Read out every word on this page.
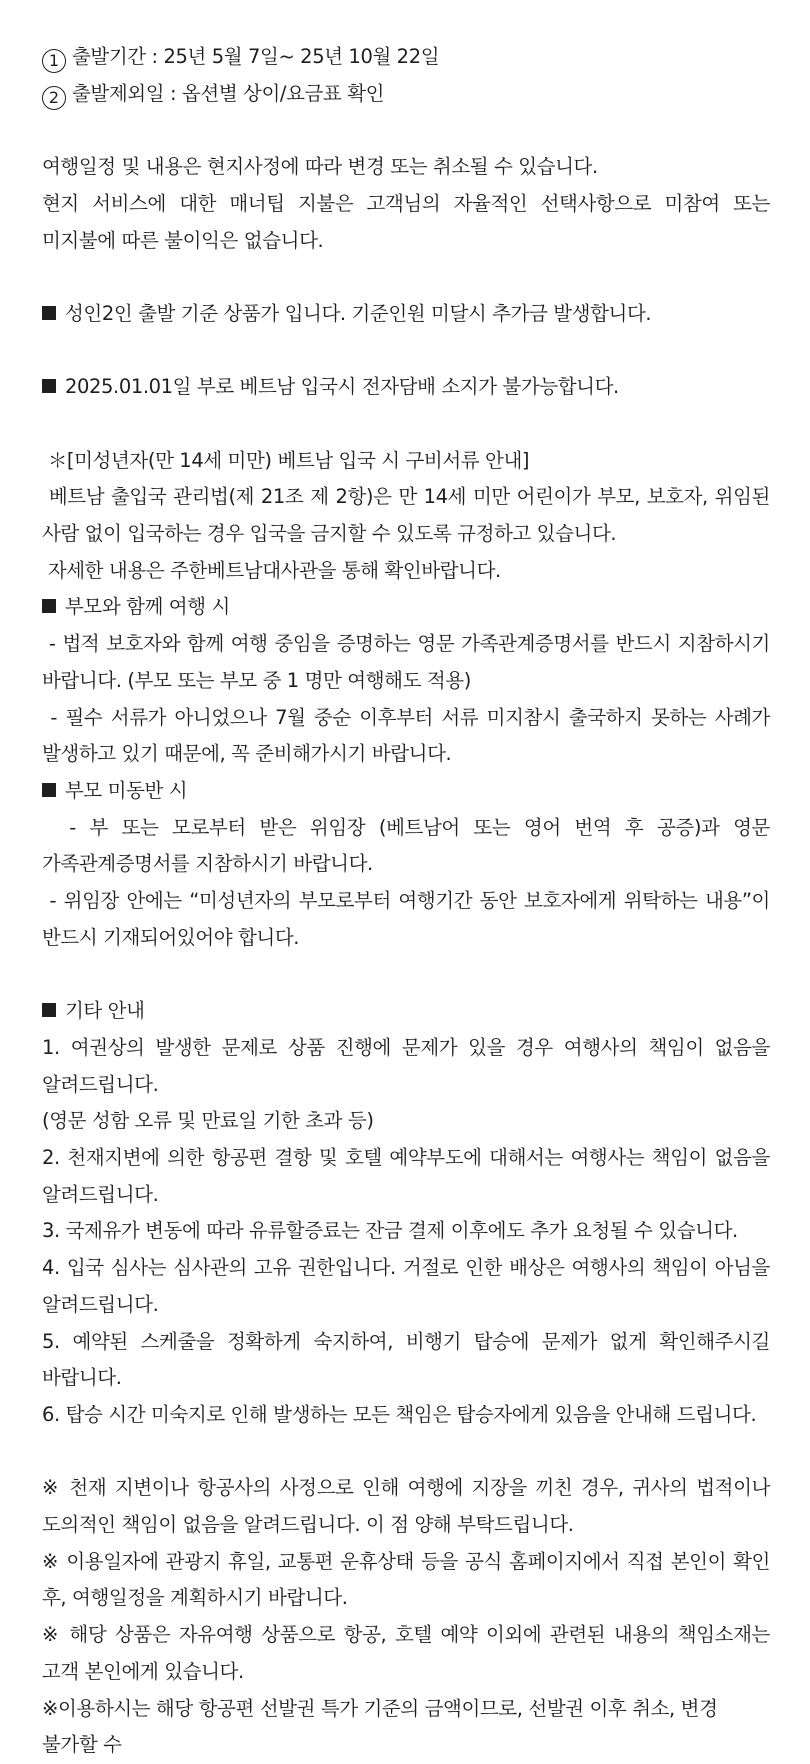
1 출발기간 : 25년 5월 7일~ 25년 10월 22일

2 출발제외일 : 옵션별 상이/요금표 확인

여행일정 및 내용은 현지사정에 따라 변경 또는 취소될 수 있습니다.

현지 서비스에 대한 매너팁 지불은 고객님의 자율적인 선택사항으로 미참여 또는 미지불에 따른 불이익은 없습니다.

성인2인 출발 기준 상품가 입니다. 기준인원 미달시 추가금 발생합니다.

2025.01.01일 부로 베트남 입국시 전자담배 소지가 불가능합니다.

＊[미성년자(만 14세 미만) 베트남 입국 시 구비서류 안내]

베트남 출입국 관리법(제 21조 제 2항)은 만 14세 미만 어린이가 부모, 보호자, 위임된 사람 없이 입국하는 경우 입국을 금지할 수 있도록 규정하고 있습니다.

자세한 내용은 주한베트남대사관을 통해 확인바랍니다.

부모와 함께 여행 시

- 법적 보호자와 함께 여행 중임을 증명하는 영문 가족관계증명서를 반드시 지참하시기 바랍니다. (부모 또는 부모 중 1 명만 여행해도 적용)

- 필수 서류가 아니었으나 7월 중순 이후부터 서류 미지참시 출국하지 못하는 사례가 발생하고 있기 때문에, 꼭 준비해가시기 바랍니다.

부모 미동반 시

- 부 또는 모로부터 받은 위임장 (베트남어 또는 영어 번역 후 공증)과 영문 가족관계증명서를 지참하시기 바랍니다.

- 위임장 안에는 “미성년자의 부모로부터 여행기간 동안 보호자에게 위탁하는 내용”이 반드시 기재되어있어야 합니다.

기타 안내

1. 여권상의 발생한 문제로 상품 진행에 문제가 있을 경우 여행사의 책임이 없음을 알려드립니다.

(영문 성함 오류 및 만료일 기한 초과 등)

2. 천재지변에 의한 항공편 결항 및 호텔 예약부도에 대해서는 여행사는 책임이 없음을 알려드립니다.

3. 국제유가 변동에 따라 유류할증료는 잔금 결제 이후에도 추가 요청될 수 있습니다.

4. 입국 심사는 심사관의 고유 권한입니다. 거절로 인한 배상은 여행사의 책임이 아님을 알려드립니다.

5. 예약된 스케줄을 정확하게 숙지하여, 비행기 탑승에 문제가 없게 확인해주시길 바랍니다.

6. 탑승 시간 미숙지로 인해 발생하는 모든 책임은 탑승자에게 있음을 안내해 드립니다.

※ 천재 지변이나 항공사의 사정으로 인해 여행에 지장을 끼친 경우, 귀사의 법적이나 도의적인 책임이 없음을 알려드립니다. 이 점 양해 부탁드립니다.

※ 이용일자에 관광지 휴일, 교통편 운휴상태 등을 공식 홈페이지에서 직접 본인이 확인 후, 여행일정을 계획하시기 바랍니다.

※ 해당 상품은 자유여행 상품으로 항공, 호텔 예약 이외에 관련된 내용의 책임소재는 고객 본인에게 있습니다.

※이용하시는 해당 항공편 선발권 특가 기준의 금액이므로, 선발권 이후 취소, 변경 불가할 수
